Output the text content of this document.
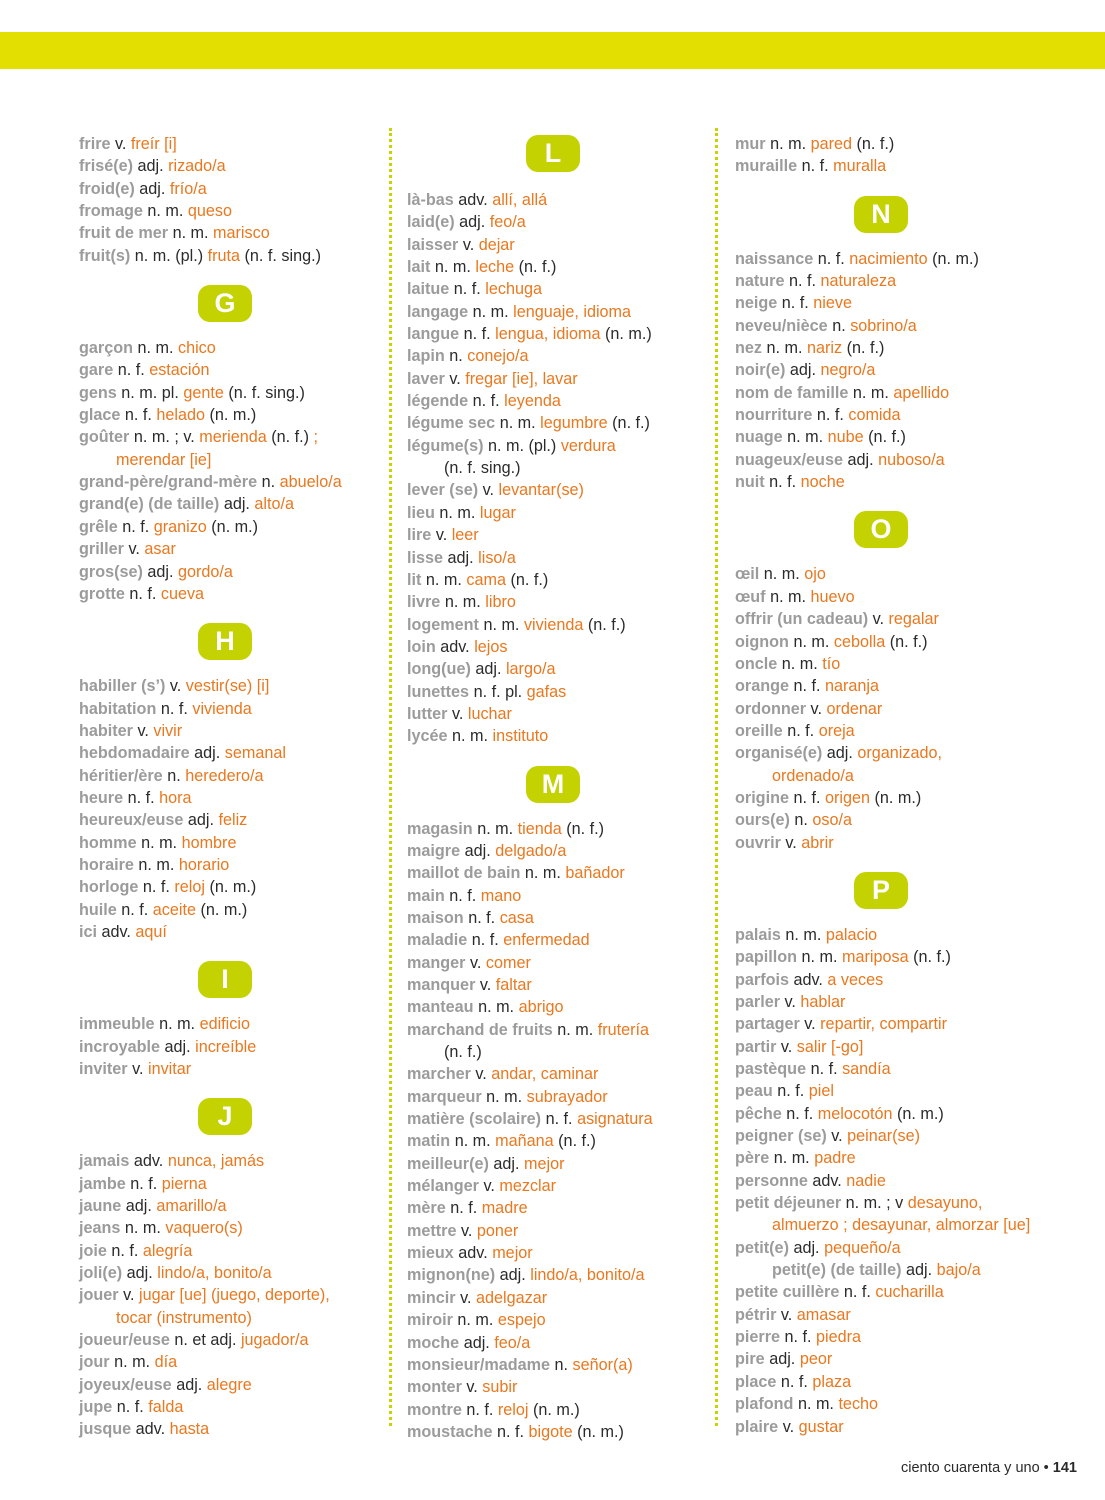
frire v. freír [i]
frisé(e) adj. rizado/a
froid(e) adj. frío/a
fromage n. m. queso
fruit de mer n. m. marisco
fruit(s) n. m. (pl.) fruta (n. f. sing.)
G
garçon n. m. chico
gare n. f. estación
gens n. m. pl. gente (n. f. sing.)
glace n. f. helado (n. m.)
goûter n. m. ; v. merienda (n. f.) ;
merendar [ie]
grand-père/grand-mère n. abuelo/a
grand(e) (de taille) adj. alto/a
grêle n. f. granizo (n. m.)
griller v. asar
gros(se) adj. gordo/a
grotte n. f. cueva
H
habiller (s’) v. vestir(se) [i]
habitation n. f. vivienda
habiter v. vivir
hebdomadaire adj. semanal
héritier/ère n. heredero/a
heure n. f. hora
heureux/euse adj. feliz
homme n. m. hombre
horaire n. m. horario
horloge n. f. reloj (n. m.)
huile n. f. aceite (n. m.)
ici adv. aquí
I
immeuble n. m. edificio
incroyable adj. increíble
inviter v. invitar
J
jamais adv. nunca, jamás
jambe n. f. pierna
jaune adj. amarillo/a
jeans n. m. vaquero(s)
joie n. f. alegría
joli(e) adj. lindo/a, bonito/a
jouer v. jugar [ue] (juego, deporte),
tocar (instrumento)
joueur/euse n. et adj. jugador/a
jour n. m. día
joyeux/euse adj. alegre
jupe n. f. falda
jusque adv. hasta
L
là-bas adv. allí, allá
laid(e) adj. feo/a
laisser v. dejar
lait n. m. leche (n. f.)
laitue n. f. lechuga
langage n. m. lenguaje, idioma
langue n. f. lengua, idioma (n. m.)
lapin n. conejo/a
laver v. fregar [ie], lavar
légende n. f. leyenda
légume sec n. m. legumbre (n. f.)
légume(s) n. m. (pl.) verdura
(n. f. sing.)
lever (se) v. levantar(se)
lieu n. m. lugar
lire v. leer
lisse adj. liso/a
lit n. m. cama (n. f.)
livre n. m. libro
logement n. m. vivienda (n. f.)
loin adv. lejos
long(ue) adj. largo/a
lunettes n. f. pl. gafas
lutter v. luchar
lycée n. m. instituto
M
magasin n. m. tienda (n. f.)
maigre adj. delgado/a
maillot de bain n. m. bañador
main n. f. mano
maison n. f. casa
maladie n. f. enfermedad
manger v. comer
manquer v. faltar
manteau n. m. abrigo
marchand de fruits n. m. frutería
(n. f.)
marcher v. andar, caminar
marqueur n. m. subrayador
matière (scolaire) n. f. asignatura
matin n. m. mañana (n. f.)
meilleur(e) adj. mejor
mélanger v. mezclar
mère n. f. madre
mettre v. poner
mieux adv. mejor
mignon(ne) adj. lindo/a, bonito/a
mincir v. adelgazar
miroir n. m. espejo
moche adj. feo/a
monsieur/madame n. señor(a)
monter v. subir
montre n. f. reloj (n. m.)
moustache n. f. bigote (n. m.)
mur n. m. pared (n. f.)
muraille n. f. muralla
N
naissance n. f. nacimiento (n. m.)
nature n. f. naturaleza
neige n. f. nieve
neveu/nièce n. sobrino/a
nez n. m. nariz (n. f.)
noir(e) adj. negro/a
nom de famille n. m. apellido
nourriture n. f. comida
nuage n. m. nube (n. f.)
nuageux/euse adj. nuboso/a
nuit n. f. noche
O
œil n. m. ojo
œuf n. m. huevo
offrir (un cadeau) v. regalar
oignon n. m. cebolla (n. f.)
oncle n. m. tío
orange n. f. naranja
ordonner v. ordenar
oreille n. f. oreja
organisé(e) adj. organizado,
ordenado/a
origine n. f. origen (n. m.)
ours(e) n. oso/a
ouvrir v. abrir
P
palais n. m. palacio
papillon n. m. mariposa (n. f.)
parfois adv. a veces
parler v. hablar
partager v. repartir, compartir
partir v. salir [-go]
pastèque n. f. sandía
peau n. f. piel
pêche n. f. melocotón (n. m.)
peigner (se) v. peinar(se)
père n. m. padre
personne adv. nadie
petit déjeuner n. m. ; v desayuno,
almuerzo ; desayunar, almorzar [ue]
petit(e) adj. pequeño/a
petit(e) (de taille) adj. bajo/a
petite cuillère n. f. cucharilla
pétrir v. amasar
pierre n. f. piedra
pire adj. peor
place n. f. plaza
plafond n. m. techo
plaire v. gustar
ciento cuarenta y uno • 141
